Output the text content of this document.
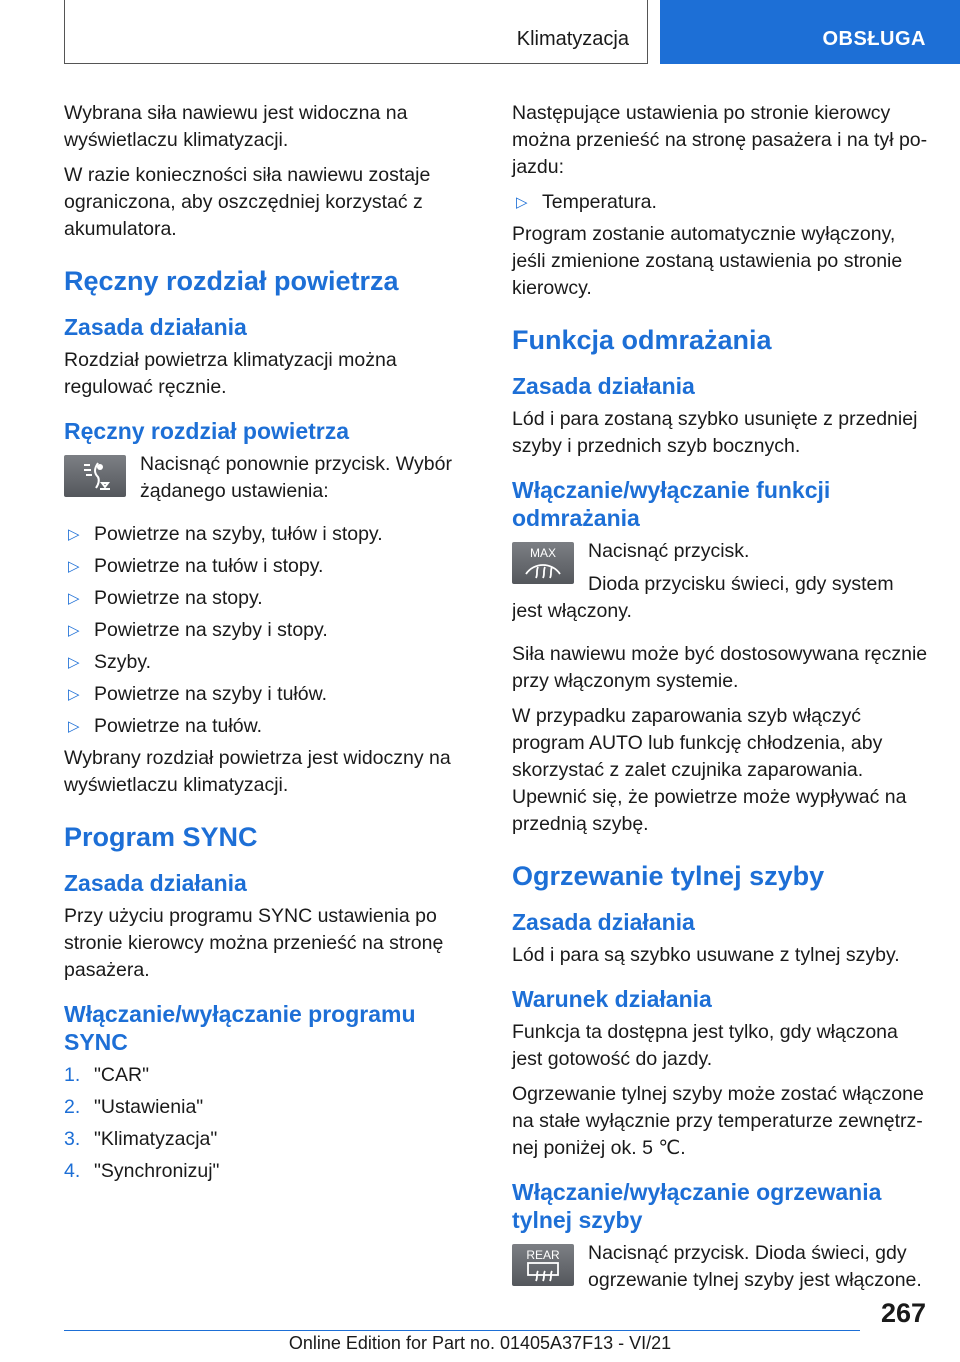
Klimatyzacja	OBSŁUGA

Wybrana siła nawiewu jest widoczna na wyświetlaczu klimatyzacji.

W razie konieczności siła nawiewu zostaje ograniczona, aby oszczędniej korzystać z akumulatora.

Ręczny rozdział powietrza
Zasada działania

Rozdział powietrza klimatyzacji można regulować ręcznie.

Ręczny rozdział powietrza

Nacisnąć ponownie przycisk. Wybór żądanego ustawienia:

▷ Powietrze na szyby, tułów i stopy.
▷ Powietrze na tułów i stopy.
▷ Powietrze na stopy.
▷ Powietrze na szyby i stopy.
▷ Szyby.
▷ Powietrze na szyby i tułów.
▷ Powietrze na tułów.

Wybrany rozdział powietrza jest widoczny na wyświetlaczu klimatyzacji.

Program SYNC
Zasada działania

Przy użyciu programu SYNC ustawienia po stronie kierowcy można przenieść na stronę pasażera.

Włączanie/wyłączanie programu SYNC
1. "CAR"
2. "Ustawienia"
3. "Klimatyzacja"
4. "Synchronizuj"

Następujące ustawienia po stronie kierowcy można przenieść na stronę pasażera i na tył pojazdu:

▷ Temperatura.

Program zostanie automatycznie wyłączony, jeśli zmienione zostaną ustawienia po stronie kierowcy.

Funkcja odmrażania
Zasada działania

Lód i para zostaną szybko usunięte z przedniej szyby i przednich szyb bocznych.

Włączanie/wyłączanie funkcji odmrażania
MAX	Nacisnąć przycisk.

Dioda przycisku świeci, gdy system jest włączony.

Siła nawiewu może być dostosowywana ręcznie przy włączonym systemie.

W przypadku zaparowania szyb włączyć program AUTO lub funkcję chłodzenia, aby skorzystać z zalet czujnika zaparowania. Upewnić się, że powietrze może wypływać na przednią szybę.

Ogrzewanie tylnej szyby
Zasada działania

Lód i para są szybko usuwane z tylnej szyby.

Warunek działania

Funkcja ta dostępna jest tylko, gdy włączona jest gotowość do jazdy.

Ogrzewanie tylnej szyby może zostać włączone na stałe wyłącznie przy temperaturze zewnętrznej poniżej ok. 5 ℃.

Włączanie/wyłączanie ogrzewania tylnej szyby
REAR	Nacisnąć przycisk. Dioda świeci, gdy ogrzewanie tylnej szyby jest włączone.

267
Online Edition for Part no. 01405A37F13 - VI/21
